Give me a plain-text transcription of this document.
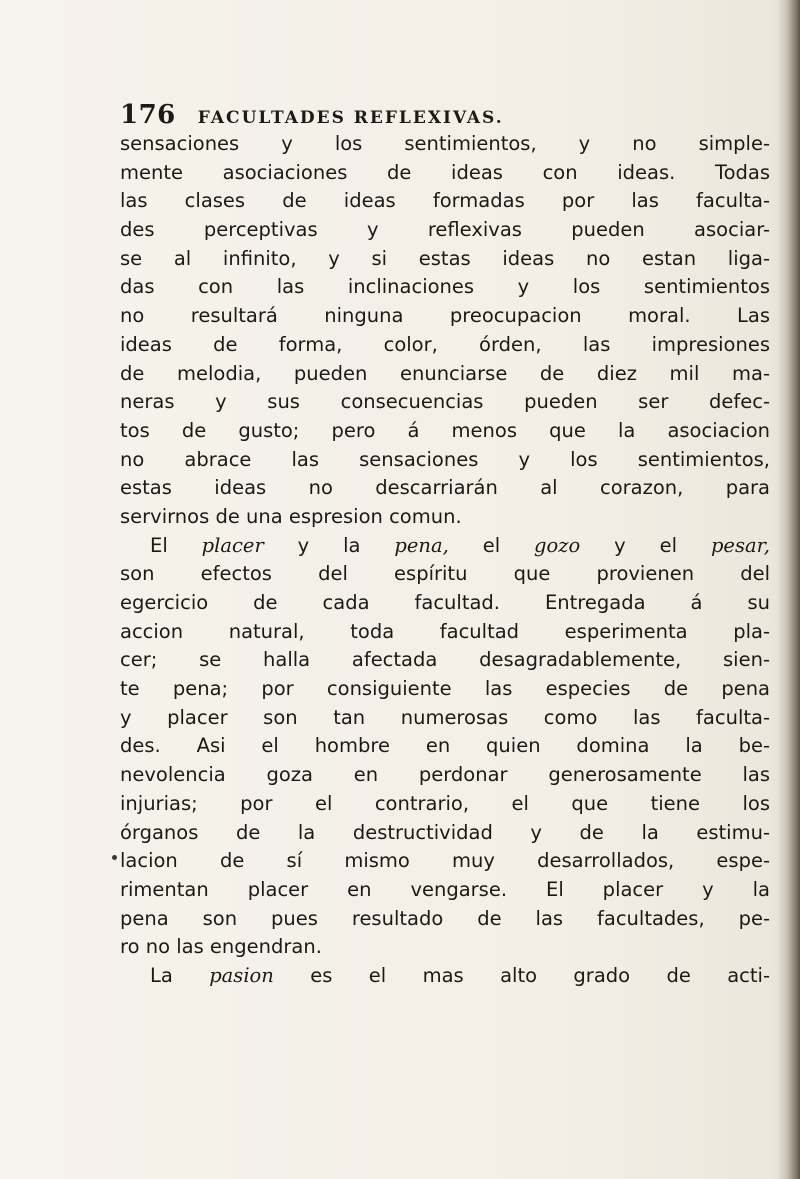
176 FACULTADES REFLEXIVAS.
sensaciones y los sentimientos, y no simple-
mente asociaciones de ideas con ideas. Todas
las clases de ideas formadas por las faculta-
des perceptivas y reflexivas pueden asociar-
se al infinito, y si estas ideas no estan liga-
das con las inclinaciones y los sentimientos
no resultará ninguna preocupacion moral. Las
ideas de forma, color, órden, las impresiones
de melodia, pueden enunciarse de diez mil ma-
neras y sus consecuencias pueden ser defec-
tos de gusto; pero á menos que la asociacion
no abrace las sensaciones y los sentimientos,
estas ideas no descarriarán al corazon, para
servirnos de una espresion comun.
El placer y la pena, el gozo y el pesar,
son efectos del espíritu que provienen del
egercicio de cada facultad. Entregada á su
accion natural, toda facultad esperimenta pla-
cer; se halla afectada desagradablemente, sien-
te pena; por consiguiente las especies de pena
y placer son tan numerosas como las faculta-
des. Asi el hombre en quien domina la be-
nevolencia goza en perdonar generosamente las
injurias; por el contrario, el que tiene los
órganos de la destructividad y de la estimu-
lacion de sí mismo muy desarrollados, espe-
rimentan placer en vengarse. El placer y la
pena son pues resultado de las facultades, pe-
ro no las engendran.
La pasion es el mas alto grado de acti-
